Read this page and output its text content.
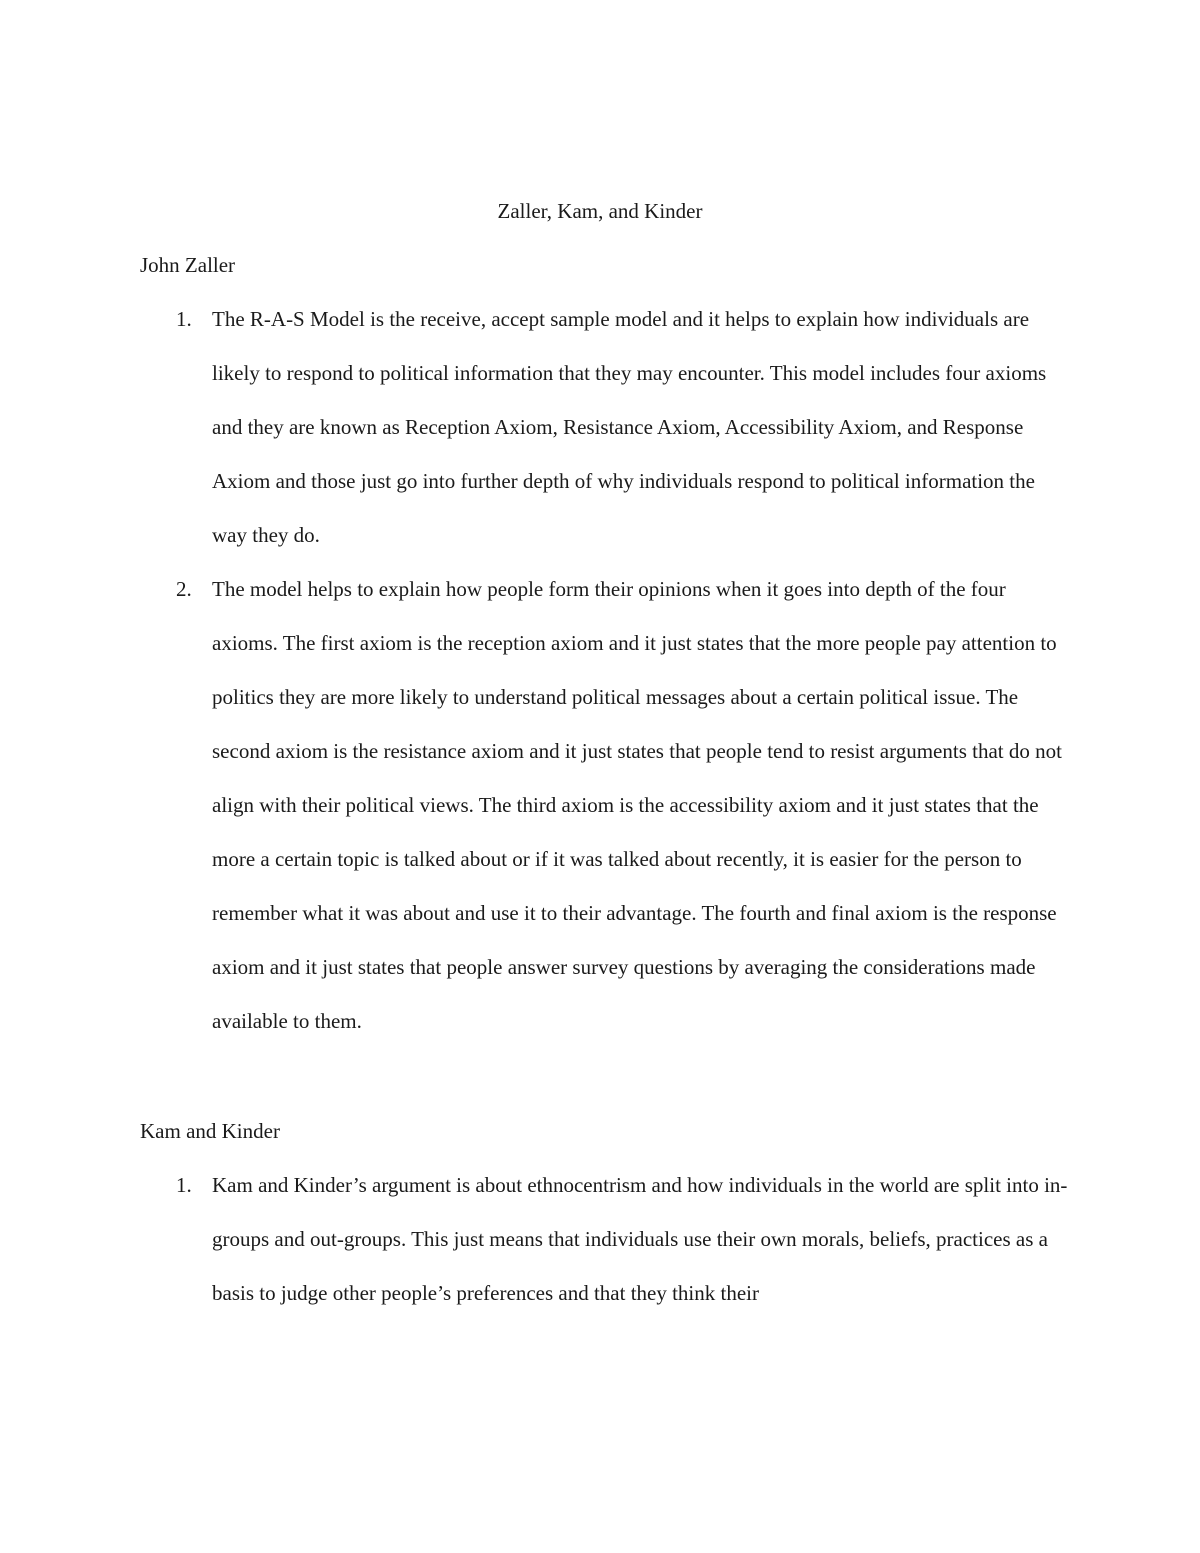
Zaller, Kam, and Kinder
John Zaller
1. The R-A-S Model is the receive, accept sample model and it helps to explain how individuals are likely to respond to political information that they may encounter. This model includes four axioms and they are known as Reception Axiom, Resistance Axiom, Accessibility Axiom, and Response Axiom and those just go into further depth of why individuals respond to political information the way they do.
2. The model helps to explain how people form their opinions when it goes into depth of the four axioms. The first axiom is the reception axiom and it just states that the more people pay attention to politics they are more likely to understand political messages about a certain political issue. The second axiom is the resistance axiom and it just states that people tend to resist arguments that do not align with their political views. The third axiom is the accessibility axiom and it just states that the more a certain topic is talked about or if it was talked about recently, it is easier for the person to remember what it was about and use it to their advantage. The fourth and final axiom is the response axiom and it just states that people answer survey questions by averaging the considerations made available to them.
Kam and Kinder
1. Kam and Kinder’s argument is about ethnocentrism and how individuals in the world are split into in-groups and out-groups. This just means that individuals use their own morals, beliefs, practices as a basis to judge other people’s preferences and that they think their
